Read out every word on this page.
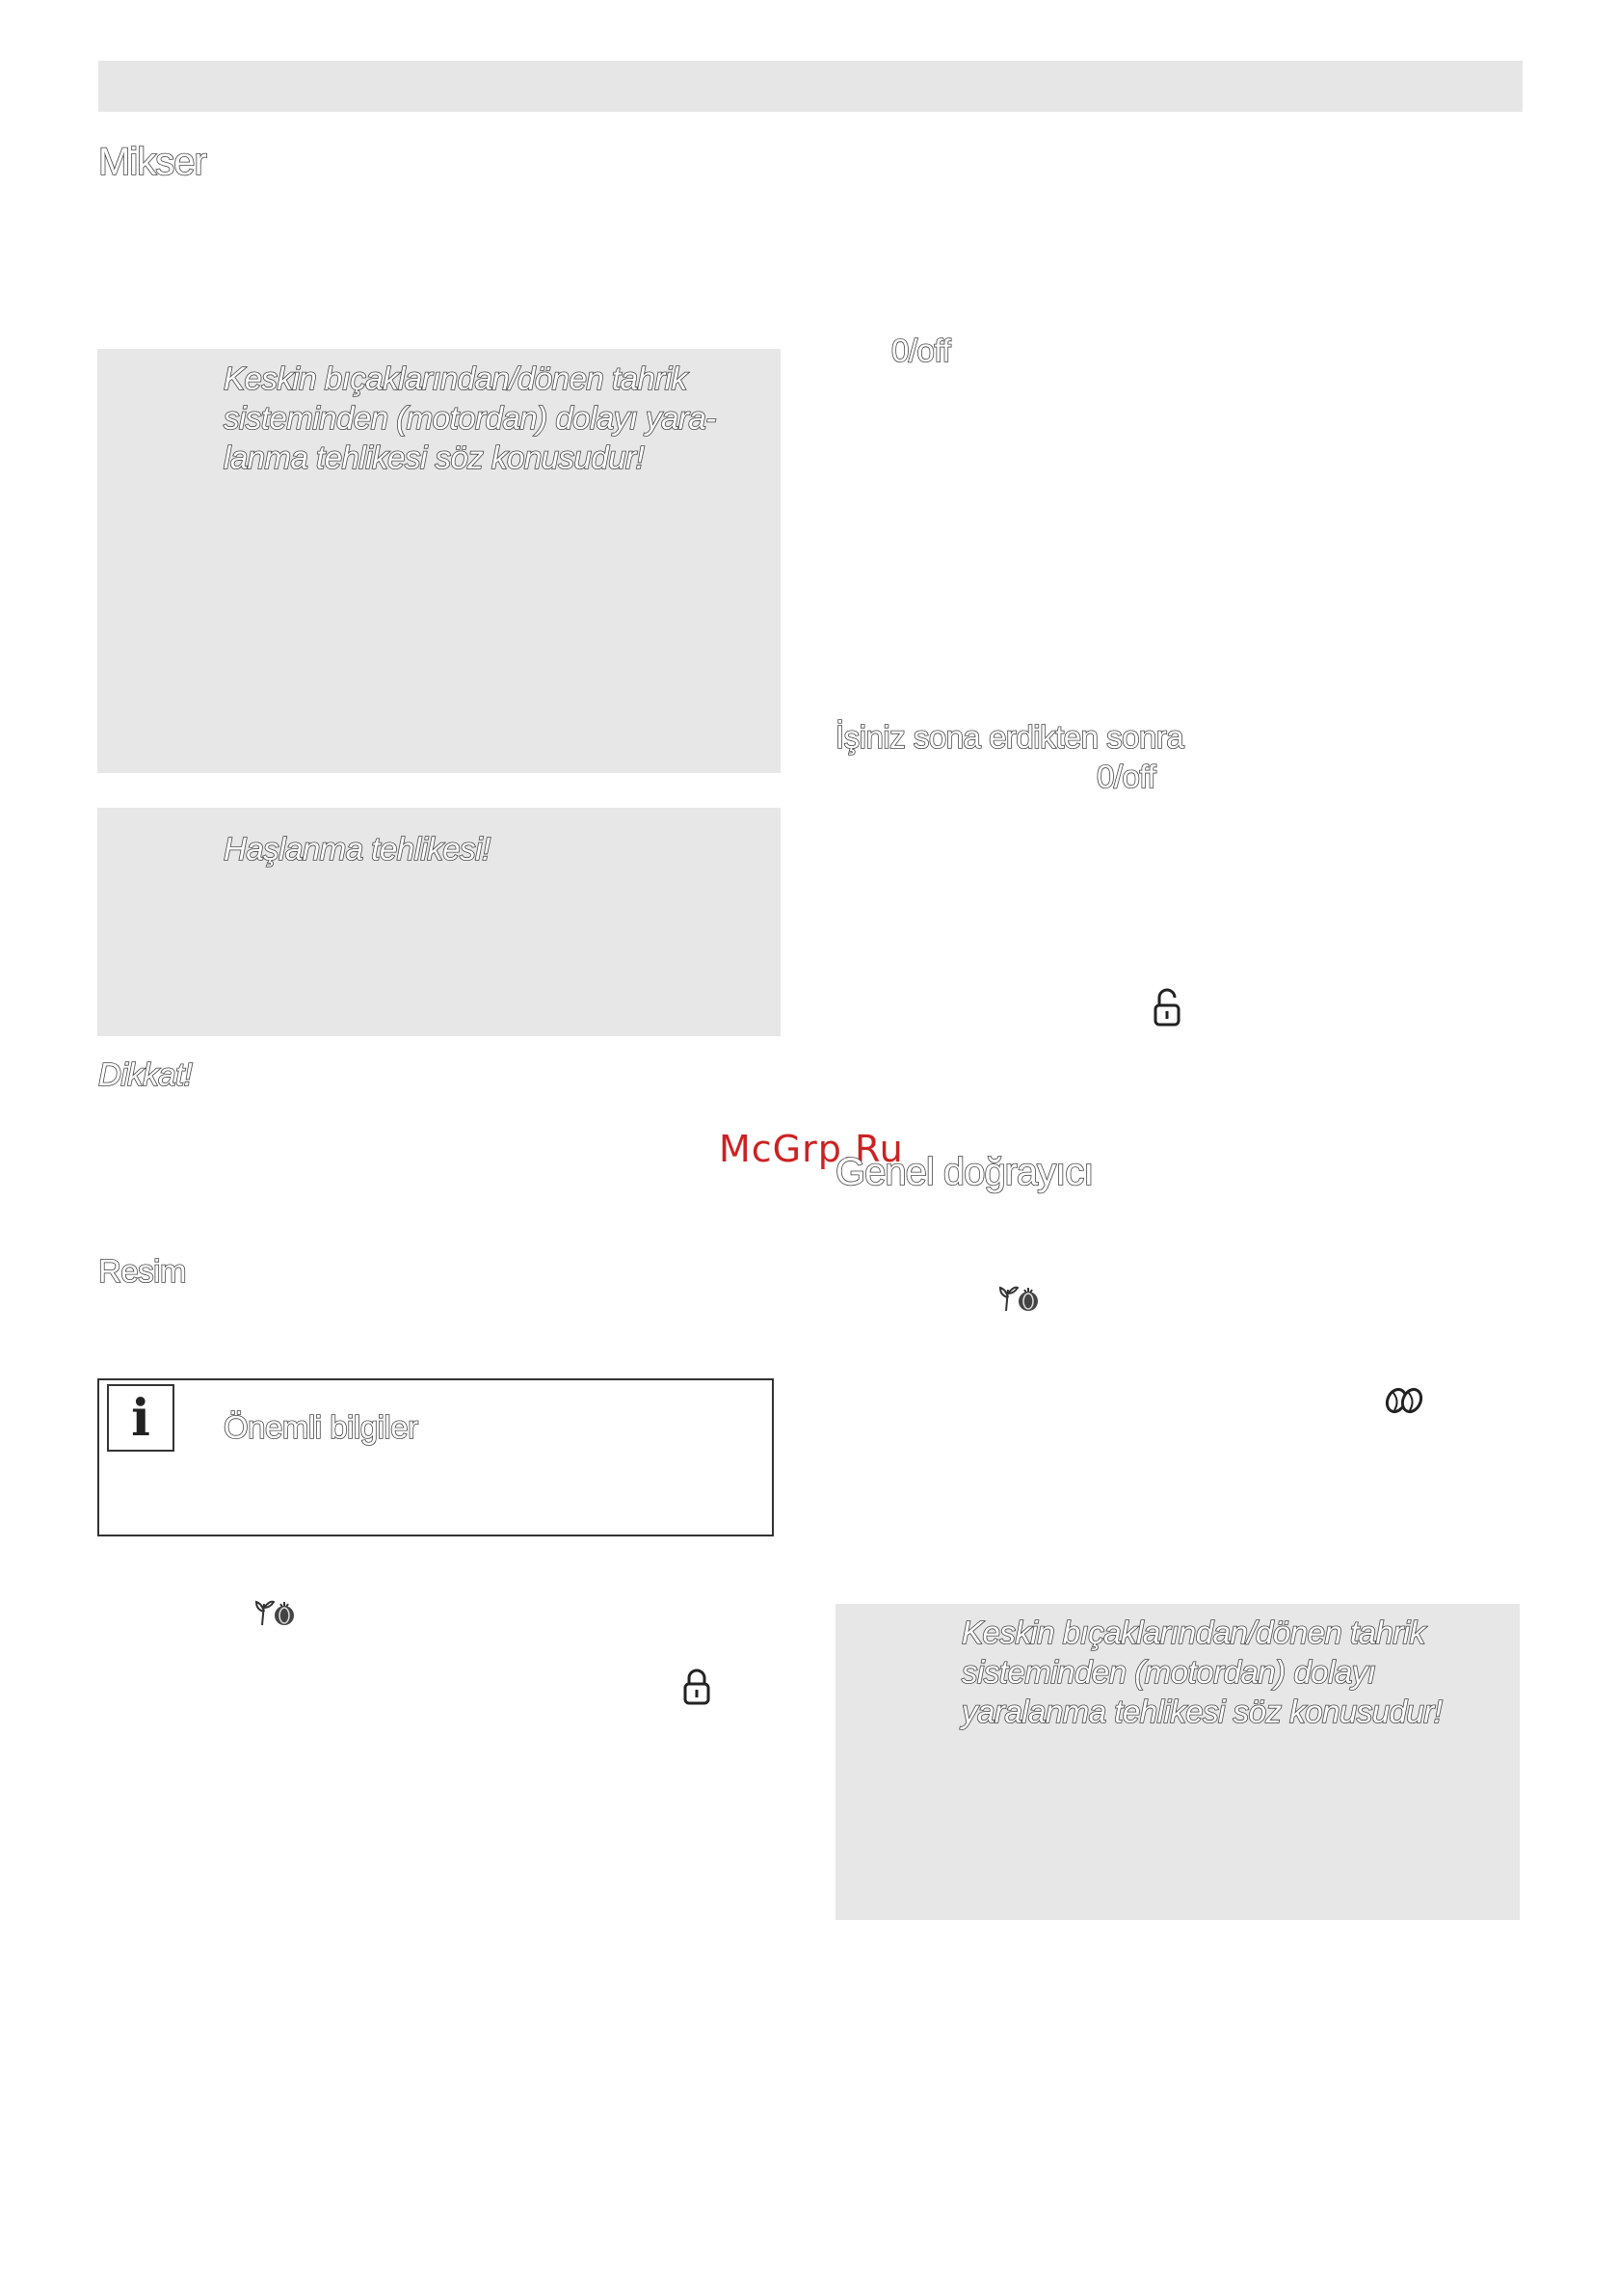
Mikser
Keskin bıçaklarından/dönen tahrik
sisteminden (motordan) dolayı yara-
lanma tehlikesi söz konusudur!
Haşlanma tehlikesi!
Dikkat!
Resim
i	Önemli bilgiler
0/off
İşiniz sona erdikten sonra
0/off
McGrp.Ru
Genel doğrayıcı
Keskin bıçaklarından/dönen tahrik
sisteminden (motordan) dolayı
yaralanma tehlikesi söz konusudur!
